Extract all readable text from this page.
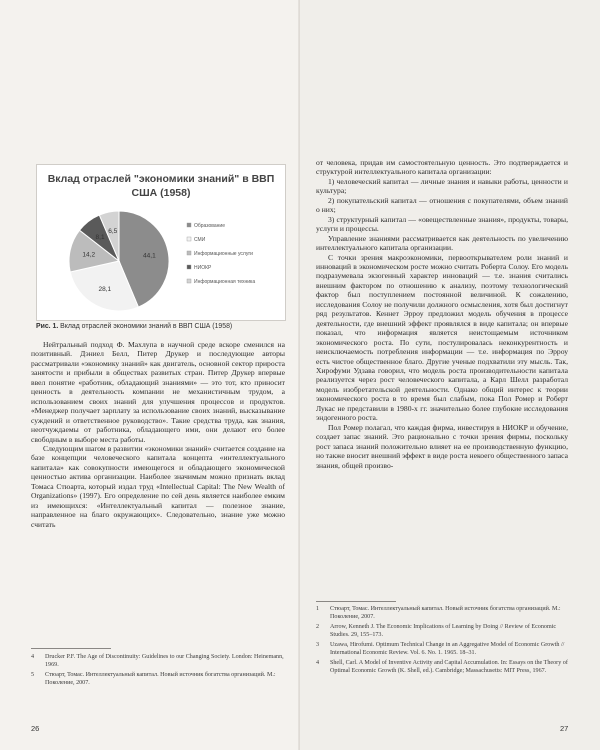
Вклад отраслей "экономики знаний" в ВВП
США (1958)
44,1
28,1
14,2
8,1
6,5
Образование
СМИ
Информационные услуги
НИОКР
Информационная техника
Рис. 1. Вклад отраслей экономики знаний в ВВП США (1958)

Нейтральный подход Ф. Махлупа в научной среде вскоре сменился на позитивный. Дэниел Белл, Питер Друкер и последующие авторы рассматривали «экономику знаний» как двигатель, основной сектор прироста занятости и прибыли в обществах развитых стран. Питер Друкер впервые ввел понятие «работник, обладающий знаниями» — это тот, кто приносит ценность в деятельность компании не механистичным трудом, а использованием своих знаний для улучшения процессов и продуктов. «Менеджер получает зарплату за использование своих знаний, высказывание суждений и ответственное руководство». Такие средства труда, как знания, неотчуждаемы от работника, обладающего ими, они делают его более свободным в выборе места работы.

Следующим шагом в развитии «экономики знаний» считается создание на базе концепции человеческого капитала концепта «интеллектуального капитала» как совокупности имеющегося и обладающего экономической ценностью актива организации. Наиболее значимым можно признать вклад Томаса Стюарта, который издал труд «Intellectual Capital: The New Wealth of Organizations» (1997). Его определение по сей день является наиболее емким из имеющихся: «Интеллектуальный капитал — полезное знание, направленное на благо окружающих». Следовательно, знание уже можно считать

4 Drucker P.F. The Age of Discontinuity: Guidelines to our Changing Society. London: Heinemann, 1969.
5 Стюарт, Томас. Интеллектуальный капитал. Новый источник богатства организаций. М.: Поколение, 2007.
26

от человека, придав им самостоятельную ценность. Это подтверждается и структурой интеллектуального капитала организации:

1) человеческий капитал — личные знания и навыки работы, ценности и культура;

2) покупательский капитал — отношения с покупателями, объем знаний о них;

3) структурный капитал — «овеществленные знания», продукты, товары, услуги и процессы.

Управление знаниями рассматривается как деятельность по увеличению интеллектуального капитала организации.

С точки зрения макроэкономики, первооткрывателем роли знаний и инноваций в экономическом росте можно считать Роберта Солоу. Его модель подразумевала экзогенный характер инноваций — т.е. знания считались внешним фактором по отношению к анализу, поэтому технологический фактор был поступлением постоянной величиной. К сожалению, исследования Солоу не получили должного осмысления, хотя был достигнут ряд результатов. Кеннет Эрроу предложил модель обучения в процессе деятельности, где внешний эффект проявлялся в виде капитала; он впервые показал, что информация является неистощаемым источником экономического роста. По сути, постулировалась неконкурентность и неисключаемость потребления информации — т.е. информация по Эрроу есть чистое общественное благо. Другие ученые подхватили эту мысль. Так, Хирофуми Удзава говорил, что модель роста производительности капитала реализуется через рост человеческого капитала, а Карл Шелл разработал модель изобретательской деятельности. Однако общий интерес к теории экономического роста в то время был слабым, пока Пол Ромер и Роберт Лукас не представили в 1980-х гг. значительно более глубокие исследования эндогенного роста.

Пол Ромер полагал, что каждая фирма, инвестируя в НИОКР и обучение, создает запас знаний. Это рационально с точки зрения фирмы, поскольку рост запаса знаний положительно влияет на ее производственную функцию, но также вносит внешний эффект в виде роста некоего общественного запаса знания, общей произво-

1 Стюарт, Томас. Интеллектуальный капитал. Новый источник богатства организаций. М.: Поколение, 2007.
2 Arrow, Kenneth J. The Economic Implications of Learning by Doing // Review of Economic Studies. 29, 155–173.
3 Uzawa, Hirofumi. Optimum Technical Change in an Aggregative Model of Economic Growth // International Economic Review. Vol. 6. No. 1. 1965. 18–31.
4 Shell, Carl. A Model of Inventive Activity and Capital Accumulation. In: Essays on the Theory of Optimal Economic Growth (K. Shell, ed.). Cambridge; Massachusetts: MIT Press, 1967.
27
